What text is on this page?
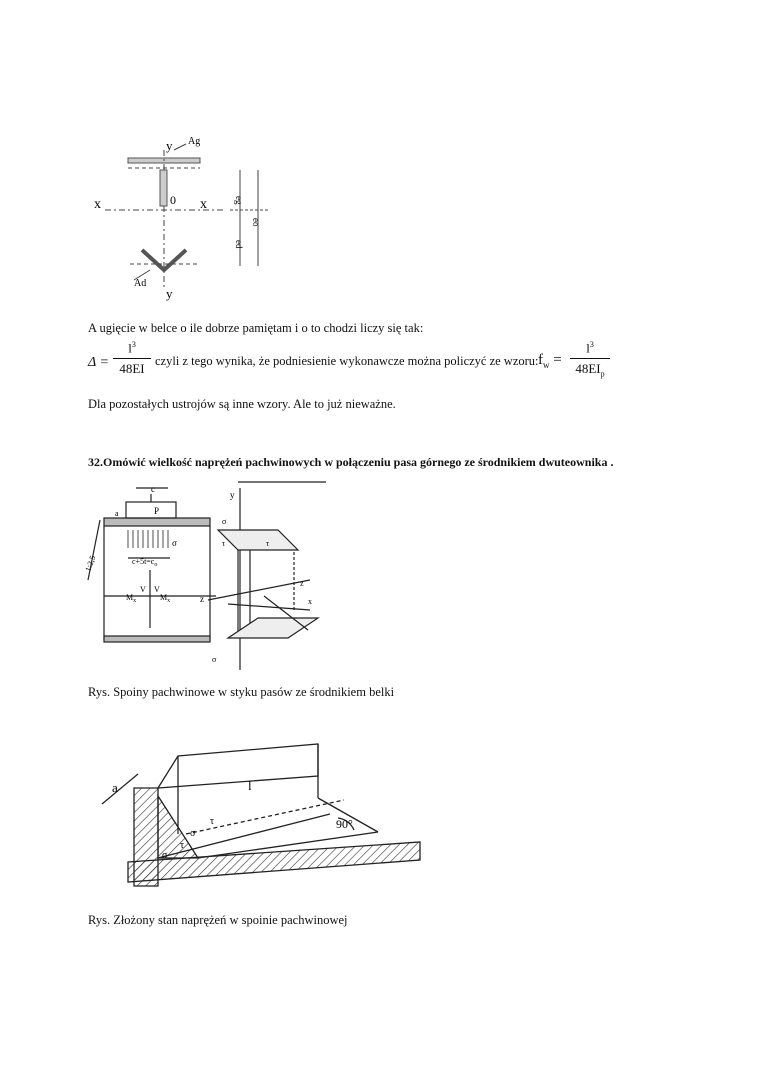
y Ag
x	0 x
Ad
y
eg
eo
ed
A ugięcie w belce o ile dobrze pamiętam i o to chodzi liczy się tak:
Δ =
$l^3$
48EI
czyli z tego wynika, że podniesienie wykonawcze można policzyć ze wzoru: $f_w$ =
$l^3$
$48EI_p$
Dla pozostałych ustrojów są inne wzory. Ale to już nieważne.
32.Omówić wielkość naprężeń pachwinowych w połączeniu pasa górnego ze środnikiem dwuteownika .
c
P
a
σ
1:2,5	$c+5t=c_o$
$M_x$	$M_x$
V V
z
y
σ
τ	τ
σ
x
z
Rys. Spoiny pachwinowe w styku pasów ze środnikiem belki
a	l
90°
σ
τ
σ
τ
Rys. Złożony stan naprężeń w spoinie pachwinowej
